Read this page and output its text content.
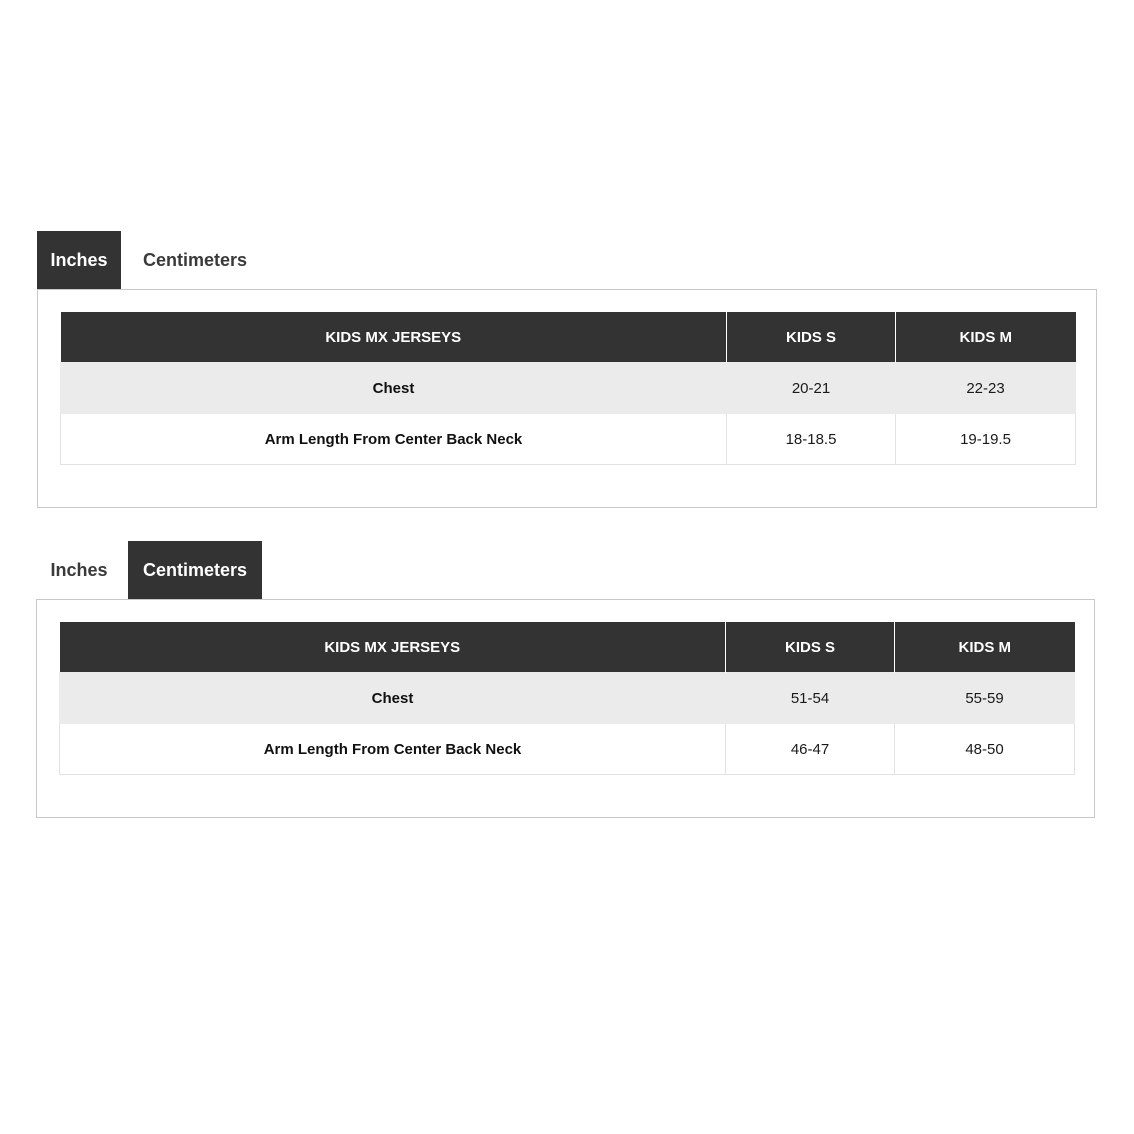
Inches	Centimeters
KIDS MX JERSEYS	KIDS S	KIDS M
Chest	20-21	22-23
Arm Length From Center Back Neck	18-18.5	19-19.5
Inches	Centimeters
KIDS MX JERSEYS	KIDS S	KIDS M
Chest	51-54	55-59
Arm Length From Center Back Neck	46-47	48-50
